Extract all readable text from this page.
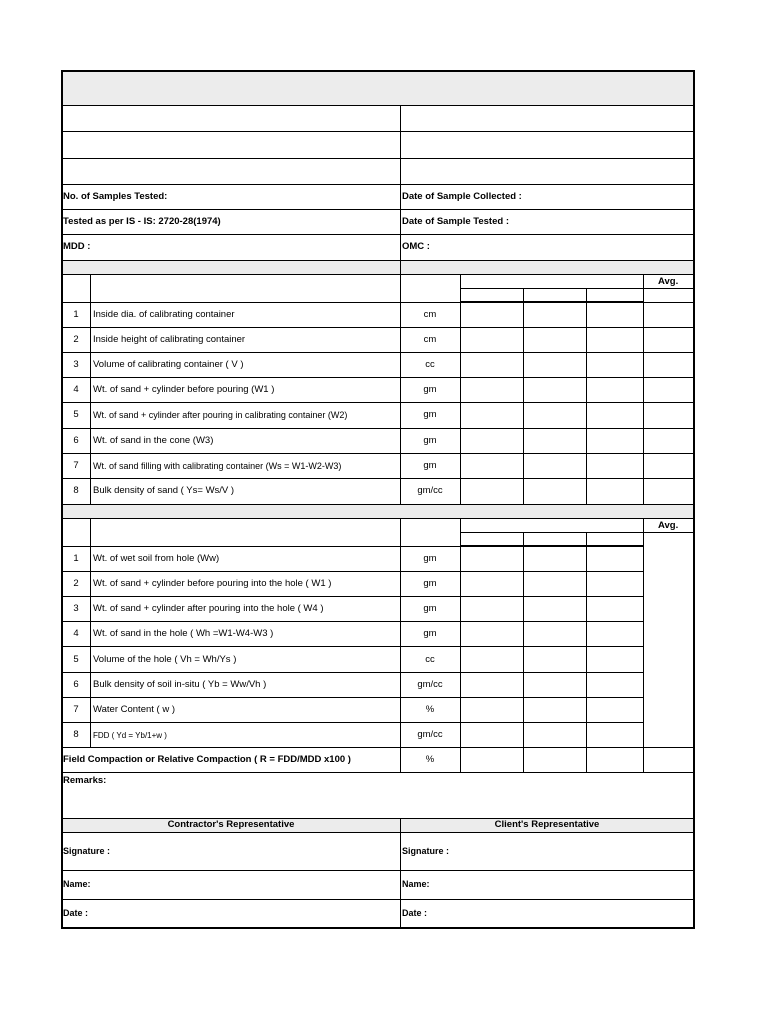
No. of Samples Tested:	Date of Sample Collected :
Tested as per IS - IS: 2720-28(1974)	Date of Sample Tested :
MDD :	OMC :
Avg.
Avg.
1	Inside dia. of calibrating container	cm
2	Inside height of calibrating container	cm
3	Volume of calibrating container ( V )	cc
4	Wt. of sand + cylinder before pouring (W1 )	gm
5	Wt. of sand + cylinder after pouring in calibrating container (W2)	gm
6	Wt. of sand in the cone (W3)	gm
7	Wt. of sand filling with calibrating container (Ws = W1-W2-W3)	gm
8	Bulk density of sand ( Ys= Ws/V )	gm/cc
1	Wt. of wet soil from hole (Ww)	gm
2	Wt. of sand + cylinder before pouring into the hole ( W1 )	gm
3	Wt. of sand + cylinder after pouring into the hole ( W4 )	gm
4	Wt. of sand in the hole ( Wh =W1-W4-W3 )	gm
5	Volume of the hole ( Vh = Wh/Ys )	cc
6	Bulk density of soil in-situ ( Yb = Ww/Vh )	gm/cc
7	Water Content ( w )	%
8	FDD ( Yd = Yb/1+w )	gm/cc
Field Compaction or Relative Compaction ( R = FDD/MDD x100 )	%
Remarks:
Contractor's Representative	Client's Representative
Signature :	Signature :
Name:	Name:
Date :	Date :
